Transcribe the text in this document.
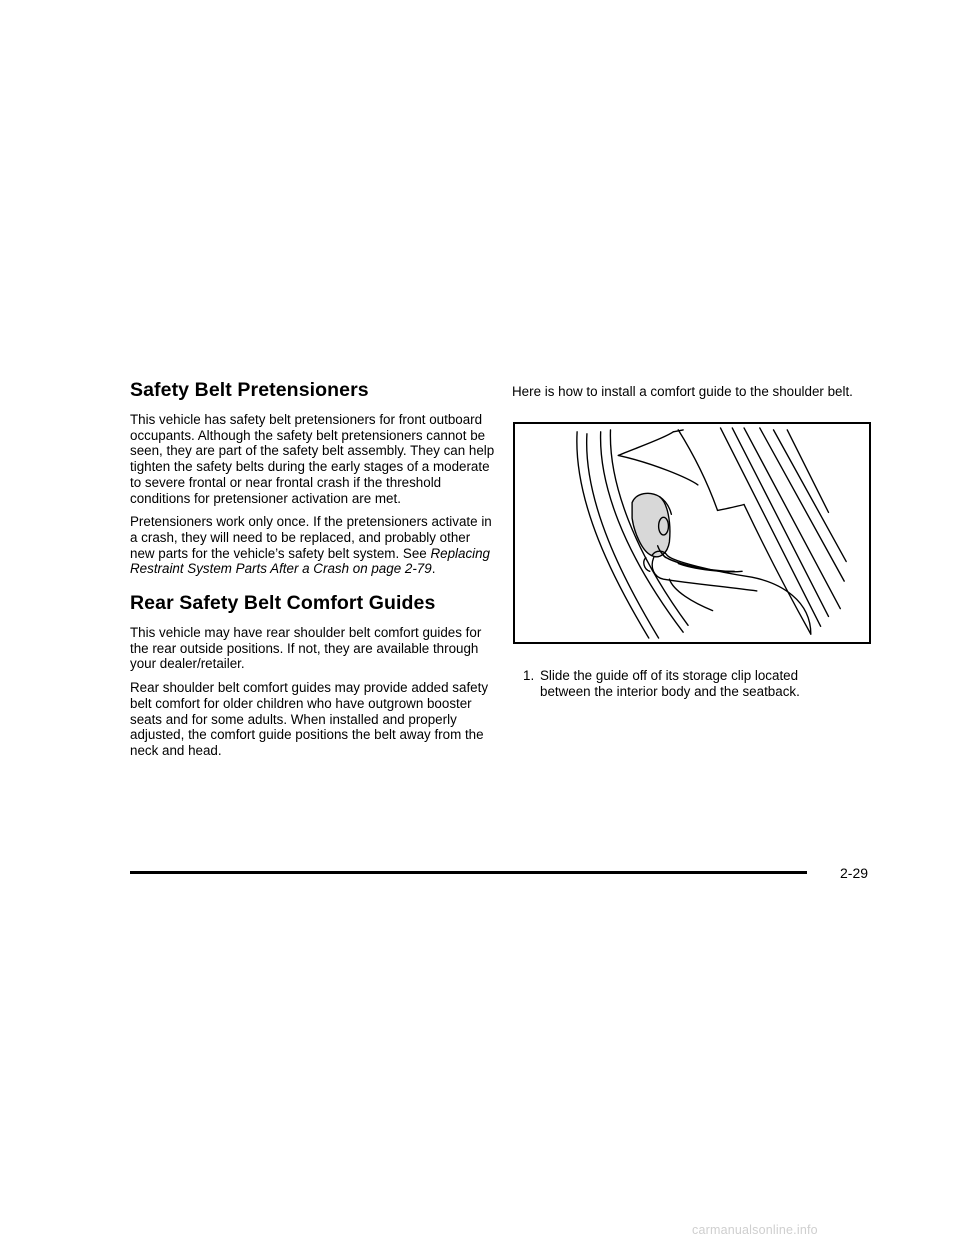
Safety Belt Pretensioners

This vehicle has safety belt pretensioners for front outboard occupants. Although the safety belt pretensioners cannot be seen, they are part of the safety belt assembly. They can help tighten the safety belts during the early stages of a moderate to severe frontal or near frontal crash if the threshold conditions for pretensioner activation are met.

Pretensioners work only once. If the pretensioners activate in a crash, they will need to be replaced, and probably other new parts for the vehicle’s safety belt system. See Replacing Restraint System Parts After a Crash on page 2-79.

Rear Safety Belt Comfort Guides

This vehicle may have rear shoulder belt comfort guides for the rear outside positions. If not, they are available through your dealer/retailer.

Rear shoulder belt comfort guides may provide added safety belt comfort for older children who have outgrown booster seats and for some adults. When installed and properly adjusted, the comfort guide positions the belt away from the neck and head.

Here is how to install a comfort guide to the shoulder belt.

1. Slide the guide off of its storage clip located
between the interior body and the seatback.
2-29
carmanualsonline.info
